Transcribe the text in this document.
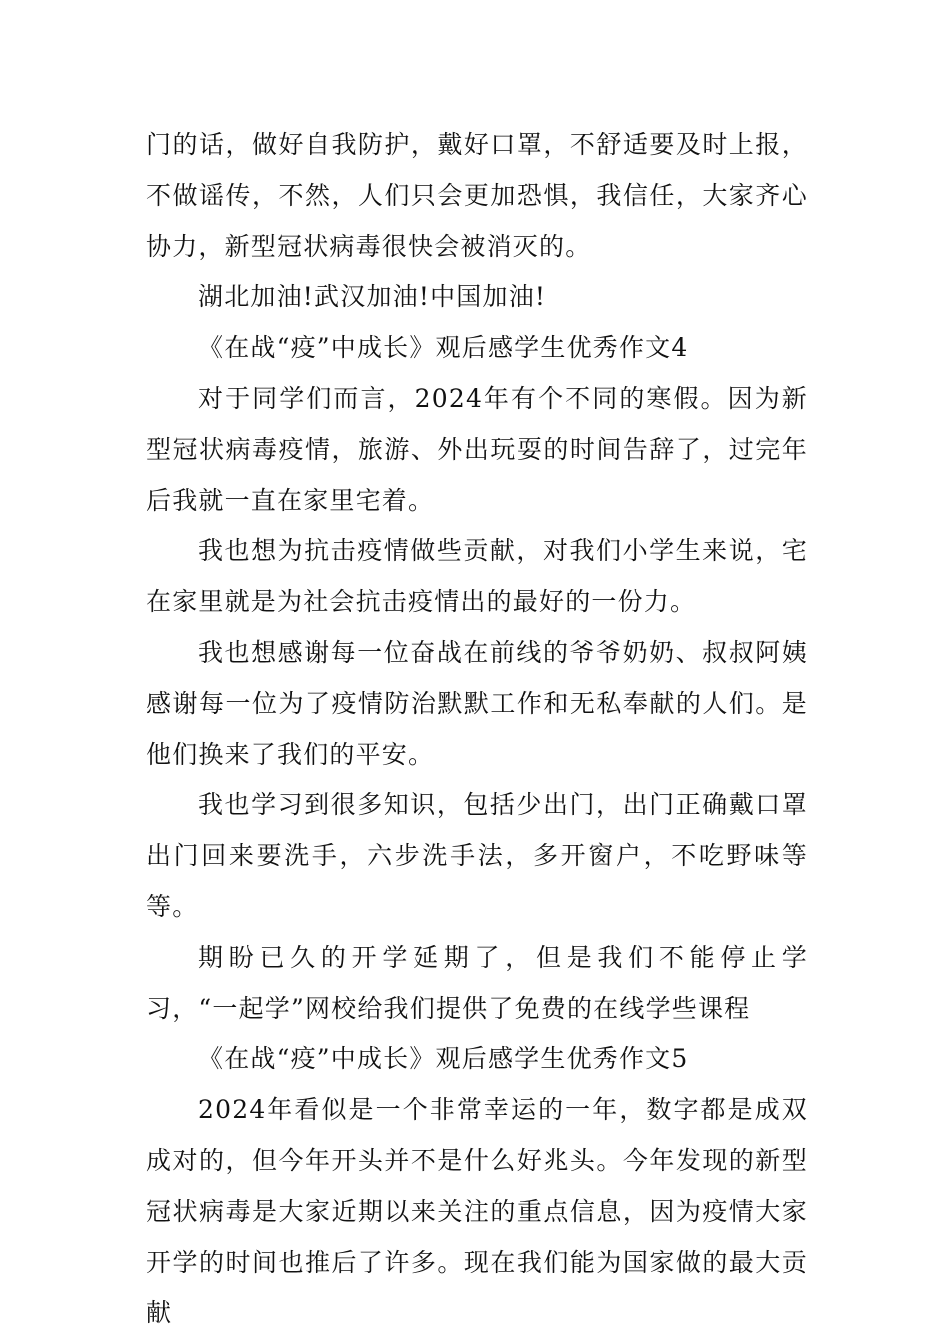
门的话，做好自我防护，戴好口罩，不舒适要及时上报，不做谣传，不然，人们只会更加恐惧，我信任，大家齐心协力，新型冠状病毒很快会被消灭的。

湖北加油!武汉加油!中国加油!

《在战“疫”中成长》观后感学生优秀作文4

对于同学们而言，2024年有个不同的寒假。因为新型冠状病毒疫情，旅游、外出玩耍的时间告辞了，过完年后我就一直在家里宅着。

我也想为抗击疫情做些贡献，对我们小学生来说，宅在家里就是为社会抗击疫情出的最好的一份力。

我也想感谢每一位奋战在前线的爷爷奶奶、叔叔阿姨感谢每一位为了疫情防治默默工作和无私奉献的人们。是他们换来了我们的平安。

我也学习到很多知识，包括少出门，出门正确戴口罩出门回来要洗手，六步洗手法，多开窗户，不吃野味等等。

期盼已久的开学延期了，但是我们不能停止学习，“一起学”网校给我们提供了免费的在线学些课程

《在战“疫”中成长》观后感学生优秀作文5

2024年看似是一个非常幸运的一年，数字都是成双成对的，但今年开头并不是什么好兆头。今年发现的新型冠状病毒是大家近期以来关注的重点信息，因为疫情大家开学的时间也推后了许多。现在我们能为国家做的最大贡献
